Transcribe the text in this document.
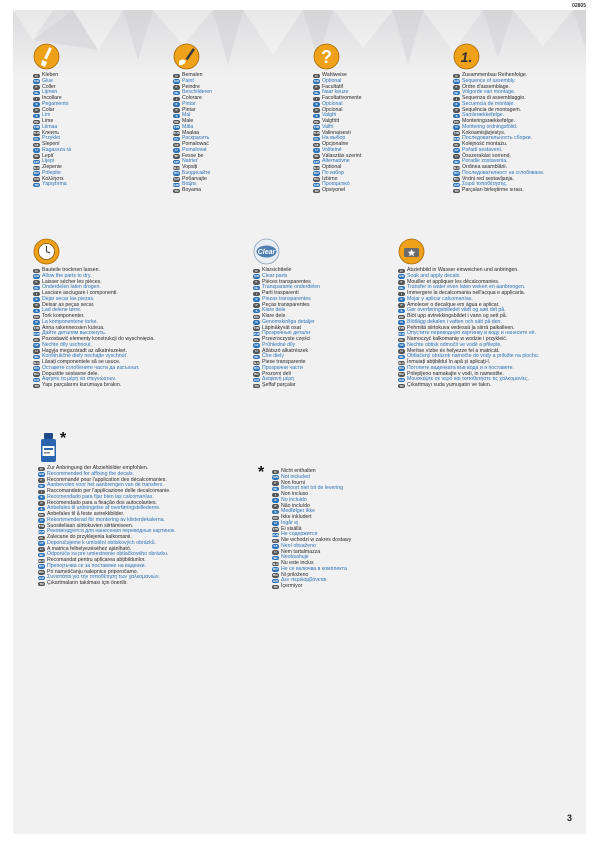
02805
3
D Kleben
GB Glue
F Coller
NL Lijmen
I Incollare
E Pegamento
P Colar
S Lim
DK Lime
FIN Liimaa
RUS Клеить
PL Przyklei
CZ Slepení
H Ragassza rá
SK Lepiť
HR Lijepi
SLO Zlepenie
RO Prilepite
GR Κολλήστε
TR Yapıştırma
D Bemalen
GB Paint
F Peindre
NL Beschilderen
I Colorare
E Pintar
P Pintar
S Mal
DK Male
FIN Mãla
RUS Maalaa
PL Раскрасить
CZ Pomalować
H Pomalovat
SK Fesse be
HR Natrieť
SLO Vopsiți
RO Бэодисайте
GR Poбarvajte
GR2 Βάψτε
TR Boyama
?
D Wahlweise
GB Optional
F Facultatif
NL Naar keuze
I Facoltativomente
E Opcional
P Opcional
S Valgfri
DK Valgfritt
FIN Valfri
RUS Valinnaisesti
PL На выбор
CZ Opcjonalne
H Volitelné
SK Választás szerint
HR Alternatívne
SLO Optional
RO По избор
BG Izbirno
GR Προαιρετικό
TR Opsiyonel
1.
D Zusammenbau Reihenfolge.
GB Sequence of assembly.
F Ordre d'assemblage.
NL Volgorde van montage.
I Sequenza di assemblaggio.
E Secuencia de montaje.
P Sequência de montagem.
S Samlerækkefølge.
DK Monteringsrækkefølge.
N Montering ordningsfölid.
FIN Kokoamisjärjestys.
RUS Последовательность сборки.
PL Kolejność montażu.
CZ Pořadí sestavení.
H Összerakási sorrend.
SK Poradie zostavenia.
SLO Ordinea asamblării.
RO Последователност на сглобяване.
BG Vrstni red sestavljanja.
GR Σειρά τοποθέτησης.
TR Parçaları birleştirme sırası.
D Bauteile trocknen lassen.
GB Allow the parts to dry.
F Laisser sécher les pièces.
NL Onderdelen laten drogen.
I Lasciare asciugare i componenti.
E Dejar secar las piezas.
P Deixar as peças secar.
S Lad delene tørre.
DK Tork komponenter.
N La komponentene torke.
FIN Anna rakenneosien kuivua.
RUS Дайте деталям высохнуть.
PL Pozostawić elementy konstrukcji do wyschnięcia.
CZ Nechte díly uschnout.
H Hagyja megszáradt az alkatrészeket.
SK Konštrukčné diely nechajte vyschnúť.
SLO Lăsați componentele să se usuce.
RO Оставете сглобените части да изсъхнат.
BG Dopustite sestavne dele.
GR Αφήστε τα μέρη να στεγνώσουν.
TR Yapı parçalarını kurumaya bırakın.
Clear
D Klarsichtteile
GB Clear parts
F Pièces transparentes
NL Transparante onderdelen
I Parti trasparenti
E Piezas transparentes
P Peças transparentes
S Klare dele
DK Klare dele
N Genomskinliga detaljer
FIN Läpinäkyvät osat
RUS Прозрачные детали
PL Przezroczyste części
CZ Průhledné díly
H Átlátszó alkatrészek
SK Číre diely
SLO Piese transparente
RO Прозрачни части
BG Prozorni deli
GR Διαφανή μέρη
TR Şeffaf parçalar
D Abziehbild in Wasser einweichen und anbringen.
GB Soak and apply decals.
F Mouiller et appliquer les décalcomanies.
NL Transfer in water even laten weken en aanbrengen.
I Immergere la decalcomania nell'acqua e applicarla.
E Mojar y aplicar calcomanías.
P Amolecer o decalque em água e aplicar.
S Gør overføringsbilledet vådt og sæt det på.
DK Blöt upp avtrekkingsbildet i vann og sett på.
N Blötlägg dekalen i vatten och sätt på den.
FIN Pehmitä siirtokuva vedessä ja siirrä paikalleen.
RUS Опустите переводную картинку в воду и нанесите её.
PL Namoczyć kalkomanię w wodzie i przykleić.
CZ Nechte obtisk odmočit ve vodě a přilepte.
H Merítse vízbe és helyezze fel a matricát.
SK Obtlačený obrázok namočte do vody a priložte na plochu.
SLO Înmuiați abțibildul în apă și aplicați-l.
RO Потопете ваденката във вода и я поставете.
BG Prilepljeno namakajte v vodi, in namestite.
GR Μουσκέψτε σε νερό και τοποθετήστε τις χαλκομανίες.
TR Çıkartmayı suda yumuşatın ve takın.
*
D Zur Anbringung der Abziehbilder empfohlen.
GB Recommended for affixing the decals.
F Recommandé pour l'application des décalcomanies.
NL Aanbevolen voor het aanbrengen van de transfers.
I Raccomandato per l'applicazione delle decalcomanie.
E Recomendado para fijar bien las calcomanías.
P Recomendado para a fixação dos autocolantes.
S Anbefales til anbringelse af overføringsbillederne.
DK Anbefales til å feste avtrekkbilder.
N Rekommenderad för montering av klisterdekalerna.
FIN Suositellaan siirtokuvien siirtämiseen.
RUS Рекомендуется для нанесения переводных картинок.
PL Zalecane do przyklejenia kalkomanii.
CZ Doporučujeme k umístění obtiskových obrázků.
H A matrica felhelyezéséhez ajánlható.
SK Odporúča sa pre umiestnenie obtlačkového obrázku.
SLO Recomandat pentru aplicarea abțibildurilor.
RO Препоръчва се за поставяне на ваденки.
BG Pri nameščanju nalepnice priporočamo.
GR Συνιστάται για την τοποθέτηση των χαλκομανιών.
TR Çıkartmaların takılması için önerilir.
*	D Nicht enthalten
GB Not included
F Non fourni
NL Behoort niet tot de levering
I Non incluso
E No incluido
P Não incluído
S Medfølger ikke
DK Ikke inkludert
N Ingår ej
FIN Ei sisällä
RUS Не содержится
PL Nie wchodzi w zakres dostawy
CZ Není obsaženo
H Nem tartalmazza
SK Neobsahuje
SLO Nu este inclus
RO Не се включва в комплекта
BG Ni priloženo
GR Δεν περιλαμβάνεται
TR İçermiyor
